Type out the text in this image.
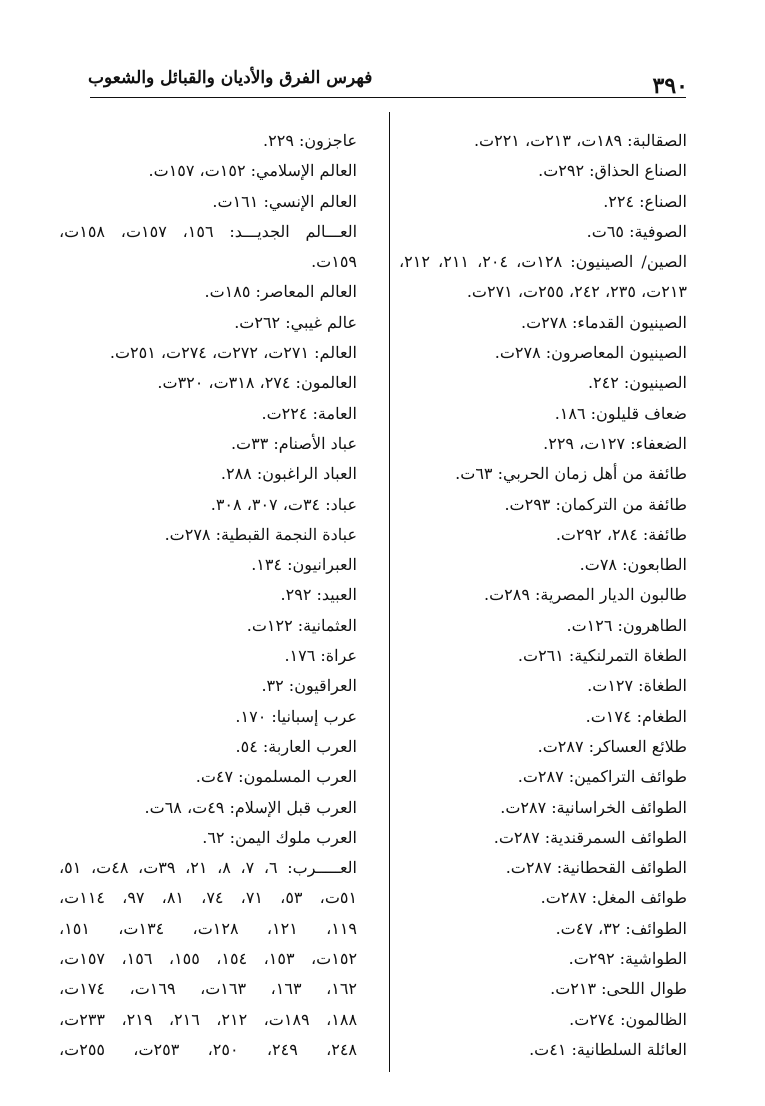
٣٩٠
فهرس الفرق والأديان والقبائل والشعوب

الصقالبة: ١٨٩ت، ٢١٣ت، ٢٢١ت.

الصناع الحذاق: ٢٩٢ت.

الصناع: ٢٢٤.

الصوفية: ٦٥ت.

الصين/ الصينيون: ١٢٨ت، ٢٠٤، ٢١١، ٢١٢،

٢١٣ت، ٢٣٥، ٢٤٢، ٢٥٥ت، ٢٧١ت.

الصينيون القدماء: ٢٧٨ت.

الصينيون المعاصرون: ٢٧٨ت.

الصينيون: ٢٤٢.

ضعاف قليلون: ١٨٦.

الضعفاء: ١٢٧ت، ٢٢٩.

طائفة من أهل زمان الحربي: ٦٣ت.

طائفة من التركمان: ٢٩٣ت.

طائفة: ٢٨٤، ٢٩٢ت.

الطابعون: ٧٨ت.

طالبون الديار المصرية: ٢٨٩ت.

الطاهرون: ١٢٦ت.

الطغاة التمرلنكية: ٢٦١ت.

الطغاة: ١٢٧ت.

الطغام: ١٧٤ت.

طلائع العساكر: ٢٨٧ت.

طوائف التراكمين: ٢٨٧ت.

الطوائف الخراسانية: ٢٨٧ت.

الطوائف السمرقندية: ٢٨٧ت.

الطوائف القحطانية: ٢٨٧ت.

طوائف المغل: ٢٨٧ت.

الطوائف: ٣٢، ٤٧ت.

الطواشية: ٢٩٢ت.

طوال اللحى: ٢١٣ت.

الظالمون: ٢٧٤ت.

العائلة السلطانية: ٤١ت.

عاجزون: ٢٢٩.

العالم الإسلامي: ١٥٢ت، ١٥٧ت.

العالم الإنسي: ١٦١ت.

العـــالم الجديـــد: ١٥٦، ١٥٧ت، ١٥٨ت،

١٥٩ت.

العالم المعاصر: ١٨٥ت.

عالم غيبي: ٢٦٢ت.

العالم: ٢٧١ت، ٢٧٢ت، ٢٧٤ت، ٢٥١ت.

العالمون: ٢٧٤، ٣١٨ت، ٣٢٠ت.

العامة: ٢٢٤ت.

عباد الأصنام: ٣٣ت.

العباد الراغبون: ٢٨٨.

عباد: ٣٤ت، ٣٠٧، ٣٠٨.

عبادة النجمة القبطية: ٢٧٨ت.

العبرانيون: ١٣٤.

العبيد: ٢٩٢.

العثمانية: ١٢٢ت.

عراة: ١٧٦.

العراقيون: ٣٢.

عرب إسبانيا: ١٧٠.

العرب العاربة: ٥٤.

العرب المسلمون: ٤٧ت.

العرب قبل الإسلام: ٤٩ت، ٦٨ت.

العرب ملوك اليمن: ٦٢.

العـــــرب: ٦، ٧، ٨، ٢١، ٣٩ت، ٤٨ت، ٥١،

٥١ت، ٥٣، ٧١، ٧٤، ٨١، ٩٧، ١١٤ت،

١١٩، ١٢١، ١٢٨ت، ١٣٤ت، ١٥١،

١٥٢ت، ١٥٣، ١٥٤، ١٥٥، ١٥٦، ١٥٧ت،

١٦٢، ١٦٣، ١٦٣ت، ١٦٩ت، ١٧٤ت،

١٨٨، ١٨٩ت، ٢١٢، ٢١٦، ٢١٩، ٢٣٣ت،

٢٤٨، ٢٤٩، ٢٥٠، ٢٥٣ت، ٢٥٥ت،
